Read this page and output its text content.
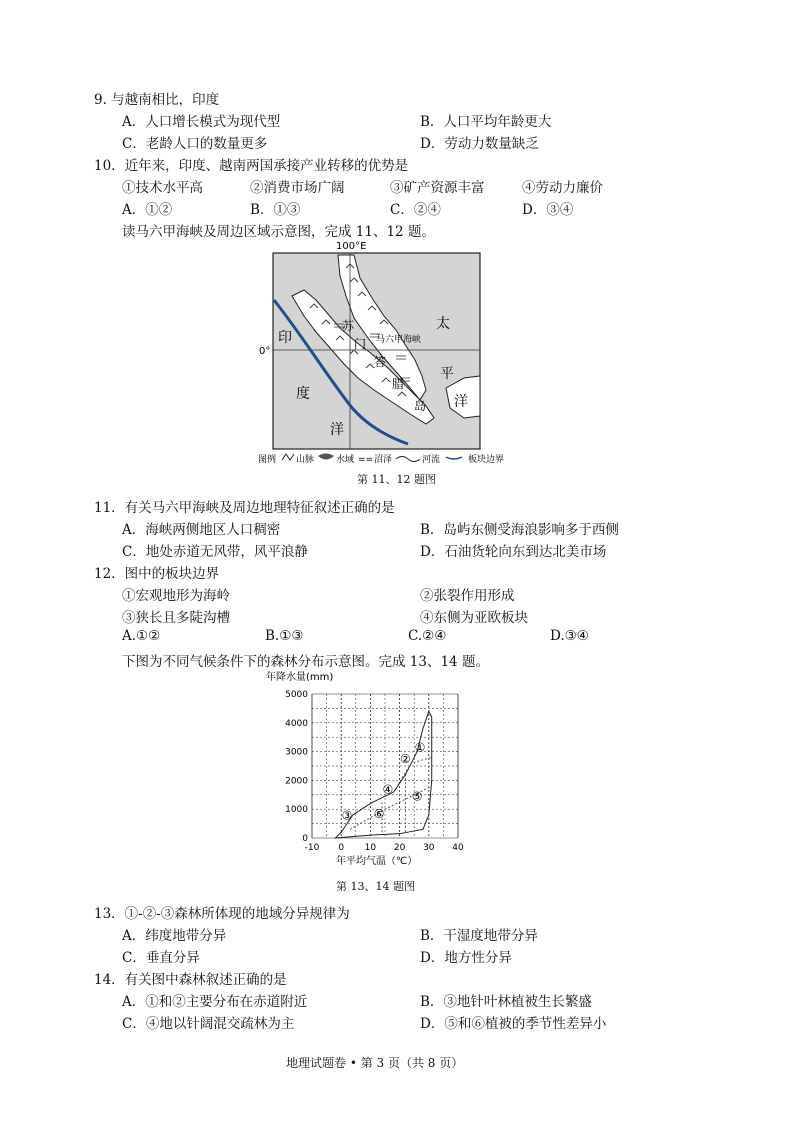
9. 与越南相比，印度
A．人口增长模式为现代型	B．人口平均年龄更大
C．老龄人口的数量更多	D．劳动力数量缺乏
10．近年来，印度、越南两国承接产业转移的优势是
①技术水平高	②消费市场广阔	③矿产资源丰富	④劳动力廉价
A．①②	B．①③	C．②④	D．③④
读马六甲海峡及周边区域示意图，完成 11、12 题。
100°E
0°
印
度
洋
太
平
洋
马六甲海峡
苏
门
答
腊
岛
图例 山脉 水域 == 沼泽	河流	板块边界
第 11、12 题图
11．有关马六甲海峡及周边地理特征叙述正确的是
A．海峡两侧地区人口稠密	B．岛屿东侧受海浪影响多于西侧
C．地处赤道无风带，风平浪静	D．石油货轮向东到达北美市场
12．图中的板块边界
①宏观地形为海岭	②张裂作用形成
③狭长且多陡沟槽	④东侧为亚欧板块
A.①②	B.①③	C.②④	D.③④
下图为不同气候条件下的森林分布示意图。完成 13、14 题。
-10 0 10 20 30 40
0
1000
2000
3000
4000
5000
①
②
③
④
⑤
⑥
年降水量(mm)
年平均气温（℃）
第 13、14 题图
13．①-②-③森林所体现的地域分异规律为
A．纬度地带分异	B．干湿度地带分异
C．垂直分异	D．地方性分异
14．有关图中森林叙述正确的是
A．①和②主要分布在赤道附近	B．③地针叶林植被生长繁盛
C．④地以针阔混交疏林为主	D．⑤和⑥植被的季节性差异小
地理试题卷 • 第 3 页（共 8 页）
